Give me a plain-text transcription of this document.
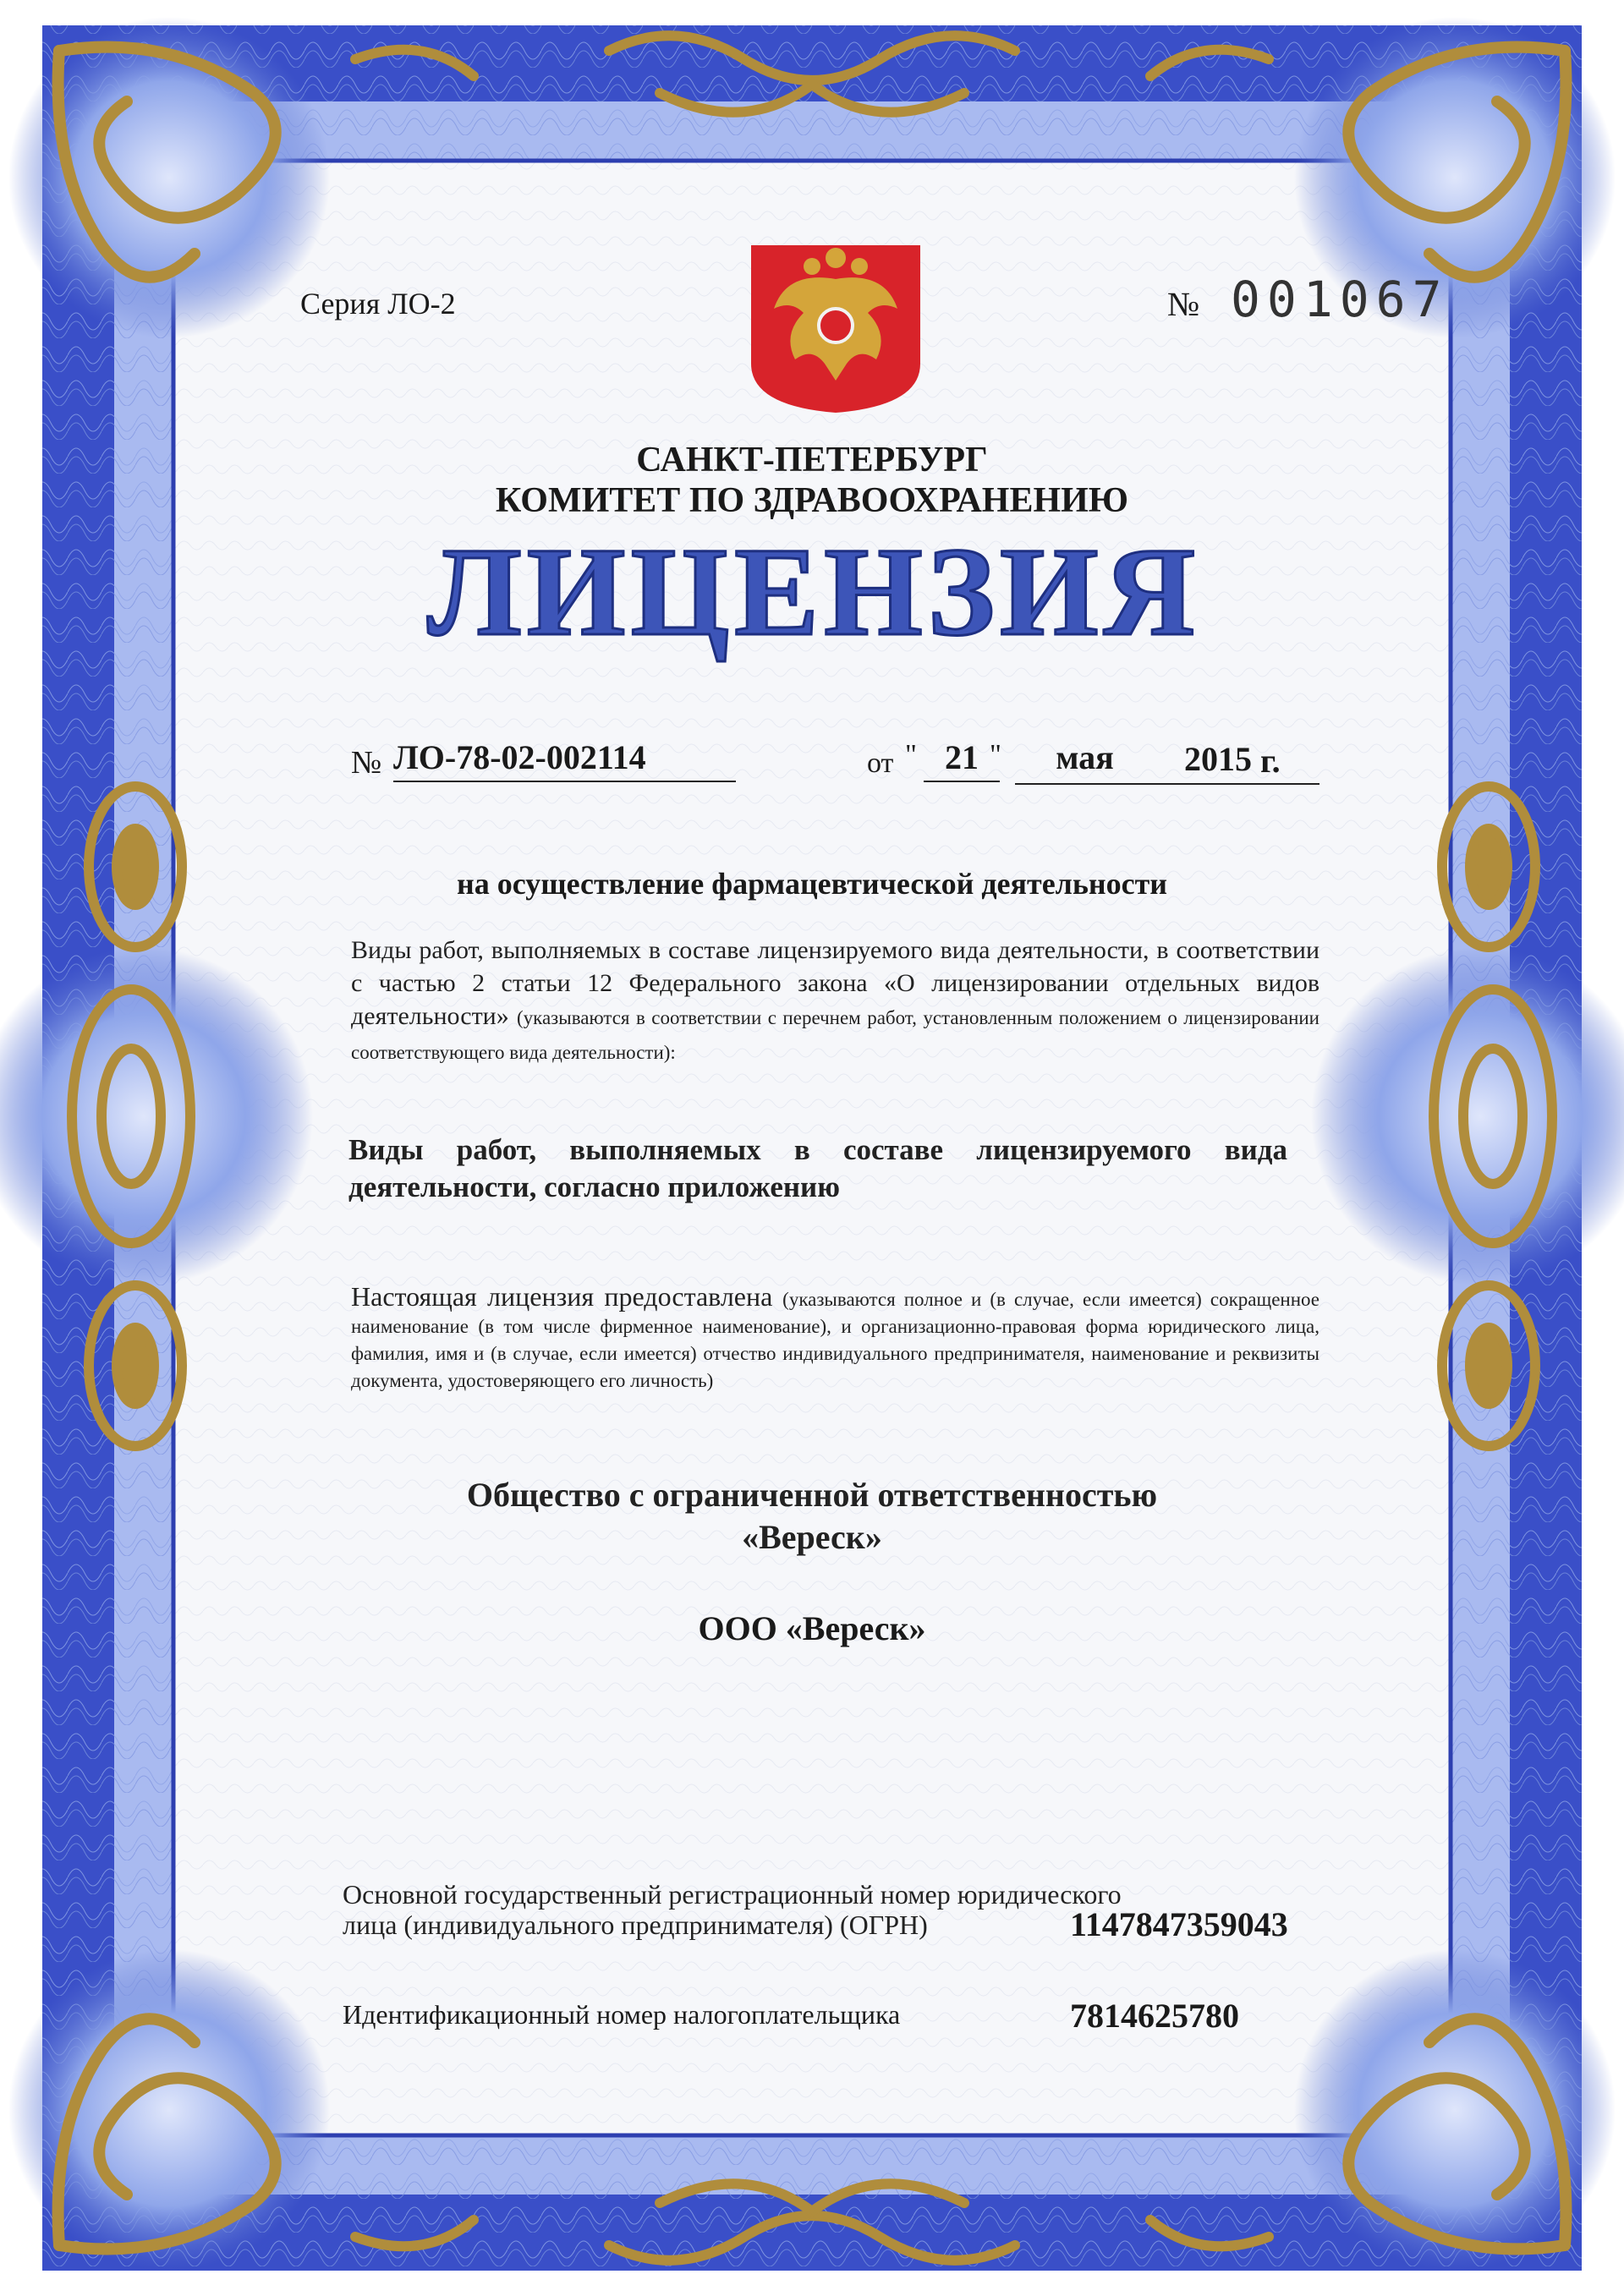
ЛИЦЕНЗИЯ
Серия ЛО-2	№ 001067
САНКТ-ПЕТЕРБУРГ
КОМИТЕТ ПО ЗДРАВООХРАНЕНИЮ
№ ЛО-78-02-002114	от " 21 "	мая	2015 г.
на осуществление фармацевтической деятельности
Виды работ, выполняемых в составе лицензируемого вида деятельности, в соответствии с частью 2 статьи 12 Федерального закона «О лицензировании отдельных видов деятельности» (указываются в соответствии с перечнем работ, установленным положением о лицензировании соответствующего вида деятельности):
Виды работ, выполняемых в составе лицензируемого вида деятельности, согласно приложению
Настоящая лицензия предоставлена (указываются полное и (в случае, если имеется) сокращенное наименование (в том числе фирменное наименование), и организационно-правовая форма юридического лица, фамилия, имя и (в случае, если имеется) отчество индивидуального предпринимателя, наименование и реквизиты документа, удостоверяющего его личность)
Общество с ограниченной ответственностью
«Вереск»
ООО «Вереск»
Основной государственный регистрационный номер юридического
лица (индивидуального предпринимателя) (ОГРН)	1147847359043
Идентификационный номер налогоплательщика	7814625780
